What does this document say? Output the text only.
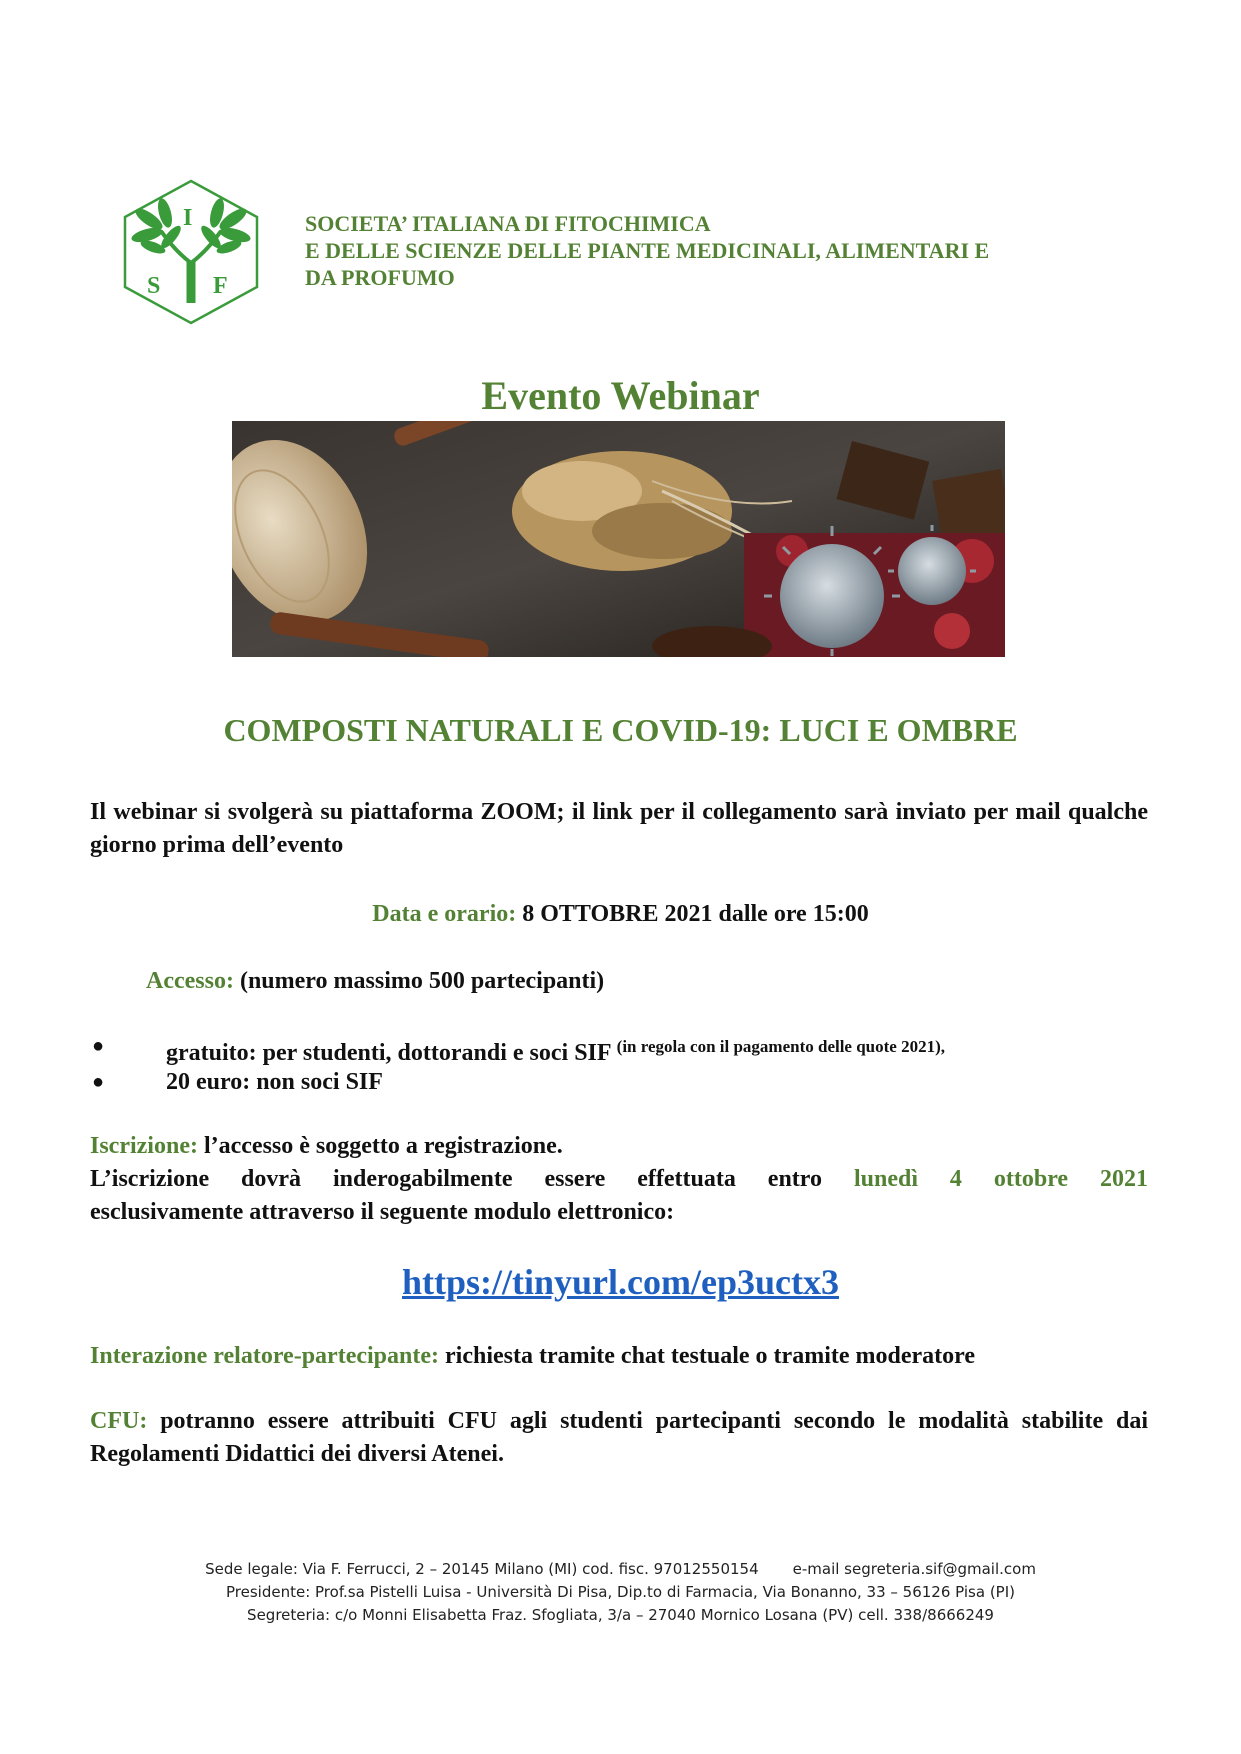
I
S F
SOCIETA’ ITALIANA DI FITOCHIMICA
E DELLE SCIENZE DELLE PIANTE MEDICINALI, ALIMENTARI E
DA PROFUMO
Evento Webinar
COMPOSTI NATURALI E COVID-19: LUCI E OMBRE
Il webinar si svolgerà su piattaforma ZOOM; il link per il collegamento sarà inviato per mail qualche giorno prima dell’evento
Data e orario: 8 OTTOBRE 2021 dalle ore 15:00
Accesso: (numero massimo 500 partecipanti)
●	gratuito: per studenti, dottorandi e soci SIF $^{(in regola con il pagamento delle quote 2021),}$
●	20 euro: non soci SIF
Iscrizione: l’accesso è soggetto a registrazione.
L’iscrizione dovrà inderogabilmente essere effettuata entro lunedì 4 ottobre 2021
esclusivamente attraverso il seguente modulo elettronico:
https://tinyurl.com/ep3uctx3
Interazione relatore-partecipante: richiesta tramite chat testuale o tramite moderatore
CFU: potranno essere attribuiti CFU agli studenti partecipanti secondo le modalità stabilite dai Regolamenti Didattici dei diversi Atenei.
Sede legale: Via F. Ferrucci, 2 – 20145 Milano (MI) cod. fisc. 97012550154 e-mail segreteria.sif@gmail.com
Presidente: Prof.sa Pistelli Luisa - Università Di Pisa, Dip.to di Farmacia, Via Bonanno, 33 – 56126 Pisa (PI)
Segreteria: c/o Monni Elisabetta Fraz. Sfogliata, 3/a – 27040 Mornico Losana (PV) cell. 338/8666249
